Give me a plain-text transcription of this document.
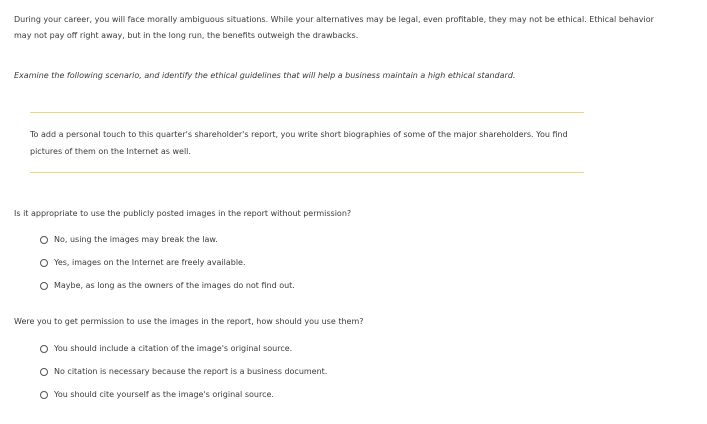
During your career, you will face morally ambiguous situations. While your alternatives may be legal, even profitable, they may not be ethical. Ethical behavior may not pay off right away, but in the long run, the benefits outweigh the drawbacks.

Examine the following scenario, and identify the ethical guidelines that will help a business maintain a high ethical standard.

To add a personal touch to this quarter's shareholder's report, you write short biographies of some of the major shareholders. You find pictures of them on the Internet as well.

Is it appropriate to use the publicly posted images in the report without permission?

No, using the images may break the law.
Yes, images on the Internet are freely available.
Maybe, as long as the owners of the images do not find out.

Were you to get permission to use the images in the report, how should you use them?

You should include a citation of the image's original source.
No citation is necessary because the report is a business document.
You should cite yourself as the image's original source.
